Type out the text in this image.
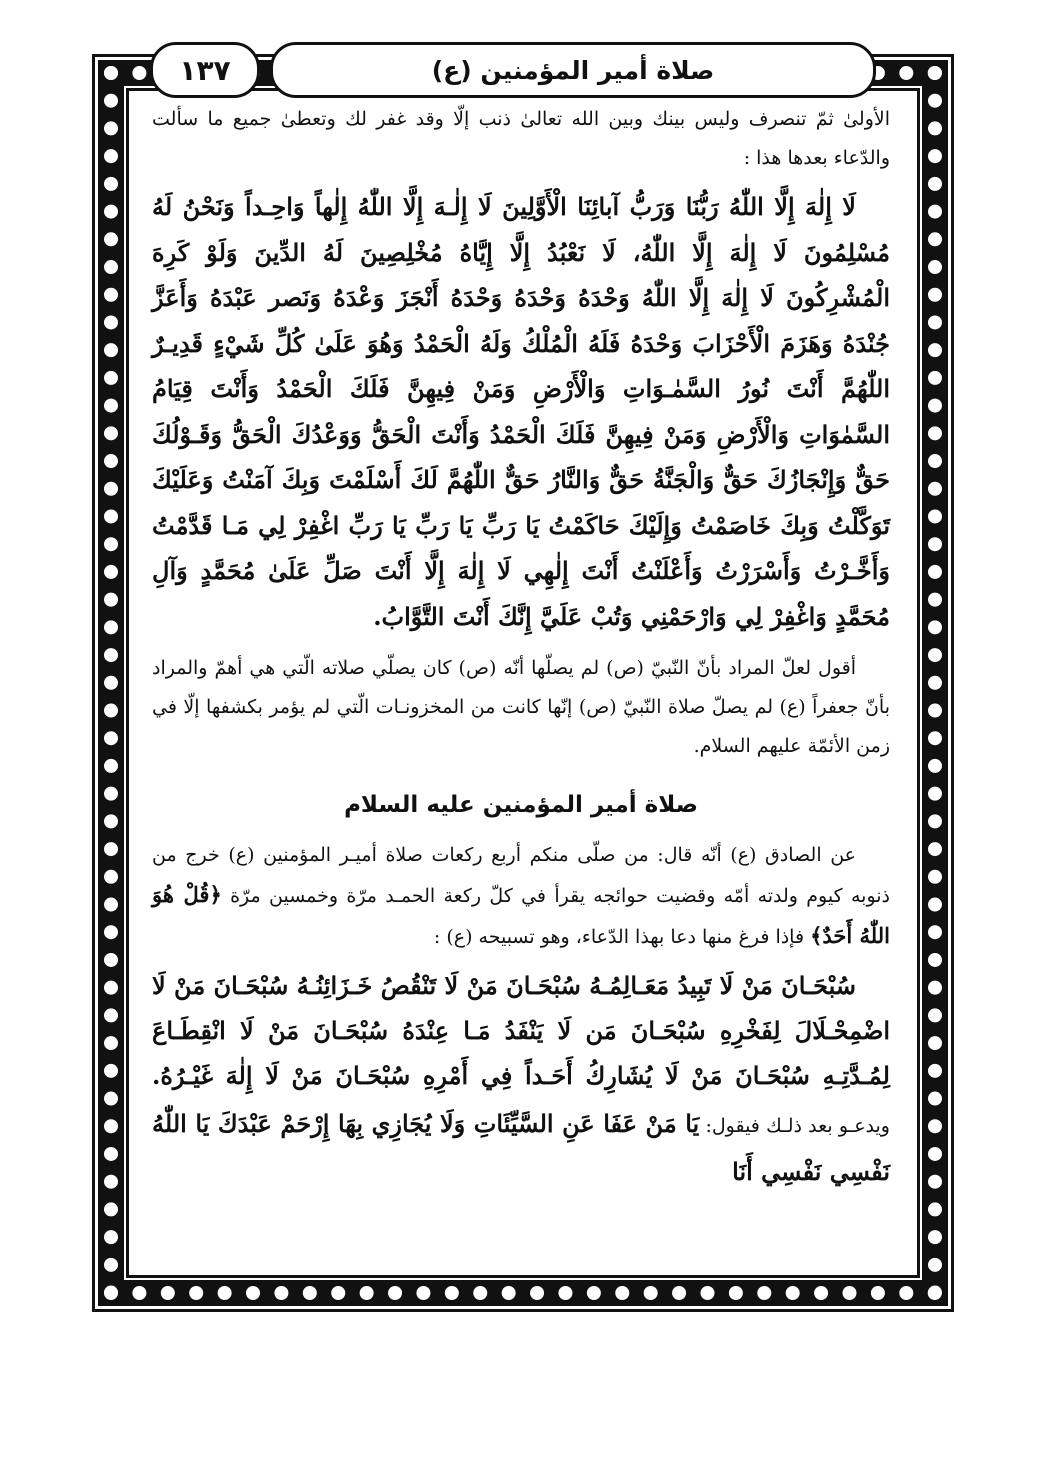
صلاة أمير المؤمنين (ع)
١٣٧

الأولىٰ ثمّ تنصرف وليس بينك وبين الله تعالىٰ ذنب إلّا وقد غفر لك وتعطىٰ جميع ما سألت والدّعاء بعدها هذا :

لَا إِلٰهَ إِلَّا اللّٰهُ رَبُّنَا وَرَبُّ آبائِنَا الْأَوَّلِينَ لَا إِلٰـهَ إِلَّا اللّٰهُ إِلٰهاً وَاحِـداً وَنَحْنُ لَهُ مُسْلِمُونَ لَا إِلٰهَ إِلَّا اللّٰهُ، لَا نَعْبُدُ إِلَّا إِيَّاهُ مُخْلِصِينَ لَهُ الدِّينَ وَلَوْ كَرِهَ الْمُشْرِكُونَ لَا إِلٰهَ إِلَّا اللّٰهُ وَحْدَهُ وَحْدَهُ وَحْدَهُ أَنْجَزَ وَعْدَهُ وَنَصر عَبْدَهُ وَأَعَزَّ جُنْدَهُ وَهَزَمَ الْأَحْزَابَ وَحْدَهُ فَلَهُ الْمُلْكُ وَلَهُ الْحَمْدُ وَهُوَ عَلَىٰ كُلِّ شَيْءٍ قَدِيـرٌ اللّٰهُمَّ أَنْتَ نُورُ السَّمٰـوَاتِ وَالْأَرْضِ وَمَنْ فِيهِنَّ فَلَكَ الْحَمْدُ وَأَنْتَ قِيَامُ السَّمٰوَاتِ وَالْأَرْضِ وَمَنْ فِيهِنَّ فَلَكَ الْحَمْدُ وَأَنْتَ الْحَقُّ وَوَعْدُكَ الْحَقُّ وَقَـوْلُكَ حَقٌّ وَإِنْجَازُكَ حَقٌّ وَالْجَنَّةُ حَقٌّ وَالنَّارُ حَقٌّ اللّٰهُمَّ لَكَ أَسْلَمْتَ وَبِكَ آمَنْتُ وَعَلَيْكَ تَوَكَّلْتُ وَبِكَ خَاصَمْتُ وَإِلَيْكَ حَاكَمْتُ يَا رَبِّ يَا رَبِّ يَا رَبِّ اغْفِرْ لِي مَـا قَدَّمْتُ وَأَخَّـرْتُ وَأَسْرَرْتُ وَأَعْلَنْتُ أَنْتَ إِلٰهِي لَا إِلٰهَ إِلَّا أَنْتَ صَلِّ عَلَىٰ مُحَمَّدٍ وَآلِ مُحَمَّدٍ وَاغْفِرْ لِي وَارْحَمْنِي وَتُبْ عَلَيَّ إِنَّكَ أَنْتَ التَّوَّابُ.

أقول لعلّ المراد بأنّ النّبيّ (ص) لم يصلّها أنّه (ص) كان يصلّي صلاته الّتي هي أهمّ والمراد بأنّ جعفراً (ع) لم يصلّ صلاة النّبيّ (ص) إنّها كانت من المخزونـات الّتي لم يؤمر بكشفها إلّا في زمن الأئمّة عليهم السلام.

صلاة أمير المؤمنين عليه السلام

عن الصادق (ع) أنّه قال: من صلّى منكم أربع ركعات صلاة أميـر المؤمنين (ع) خرج من ذنوبه كيوم ولدته أمّه وقضيت حوائجه يقرأ في كلّ ركعة الحمـد مرّة وخمسين مرّة ﴿قُلْ هُوَ اللّٰهُ أَحَدٌ﴾ فإذا فرغ منها دعا بهذا الدّعاء، وهو تسبيحه (ع) :

سُبْحَـانَ مَنْ لَا تَبِيدُ مَعَـالِمُـهُ سُبْحَـانَ مَنْ لَا تَنْقُصُ خَـزَائِنُـهُ سُبْحَـانَ مَنْ لَا اضْمِحْـلَالَ لِفَخْرِهِ سُبْحَـانَ مَن لَا يَنْفَدُ مَـا عِنْدَهُ سُبْحَـانَ مَنْ لَا انْقِطَـاعَ لِمُـدَّتِـهِ سُبْحَـانَ مَنْ لَا يُشَارِكُ أَحَـداً فِي أَمْرِهِ سُبْحَـانَ مَنْ لَا إِلٰهَ غَيْـرُهُ. ويدعـو بعد ذلـك فيقول: يَا مَنْ عَفَا عَنِ السَّيِّئَاتِ وَلَا يُجَازِي بِهَا إِرْحَمْ عَبْدَكَ يَا اللّٰهُ نَفْسِي نَفْسِي أَنَا
